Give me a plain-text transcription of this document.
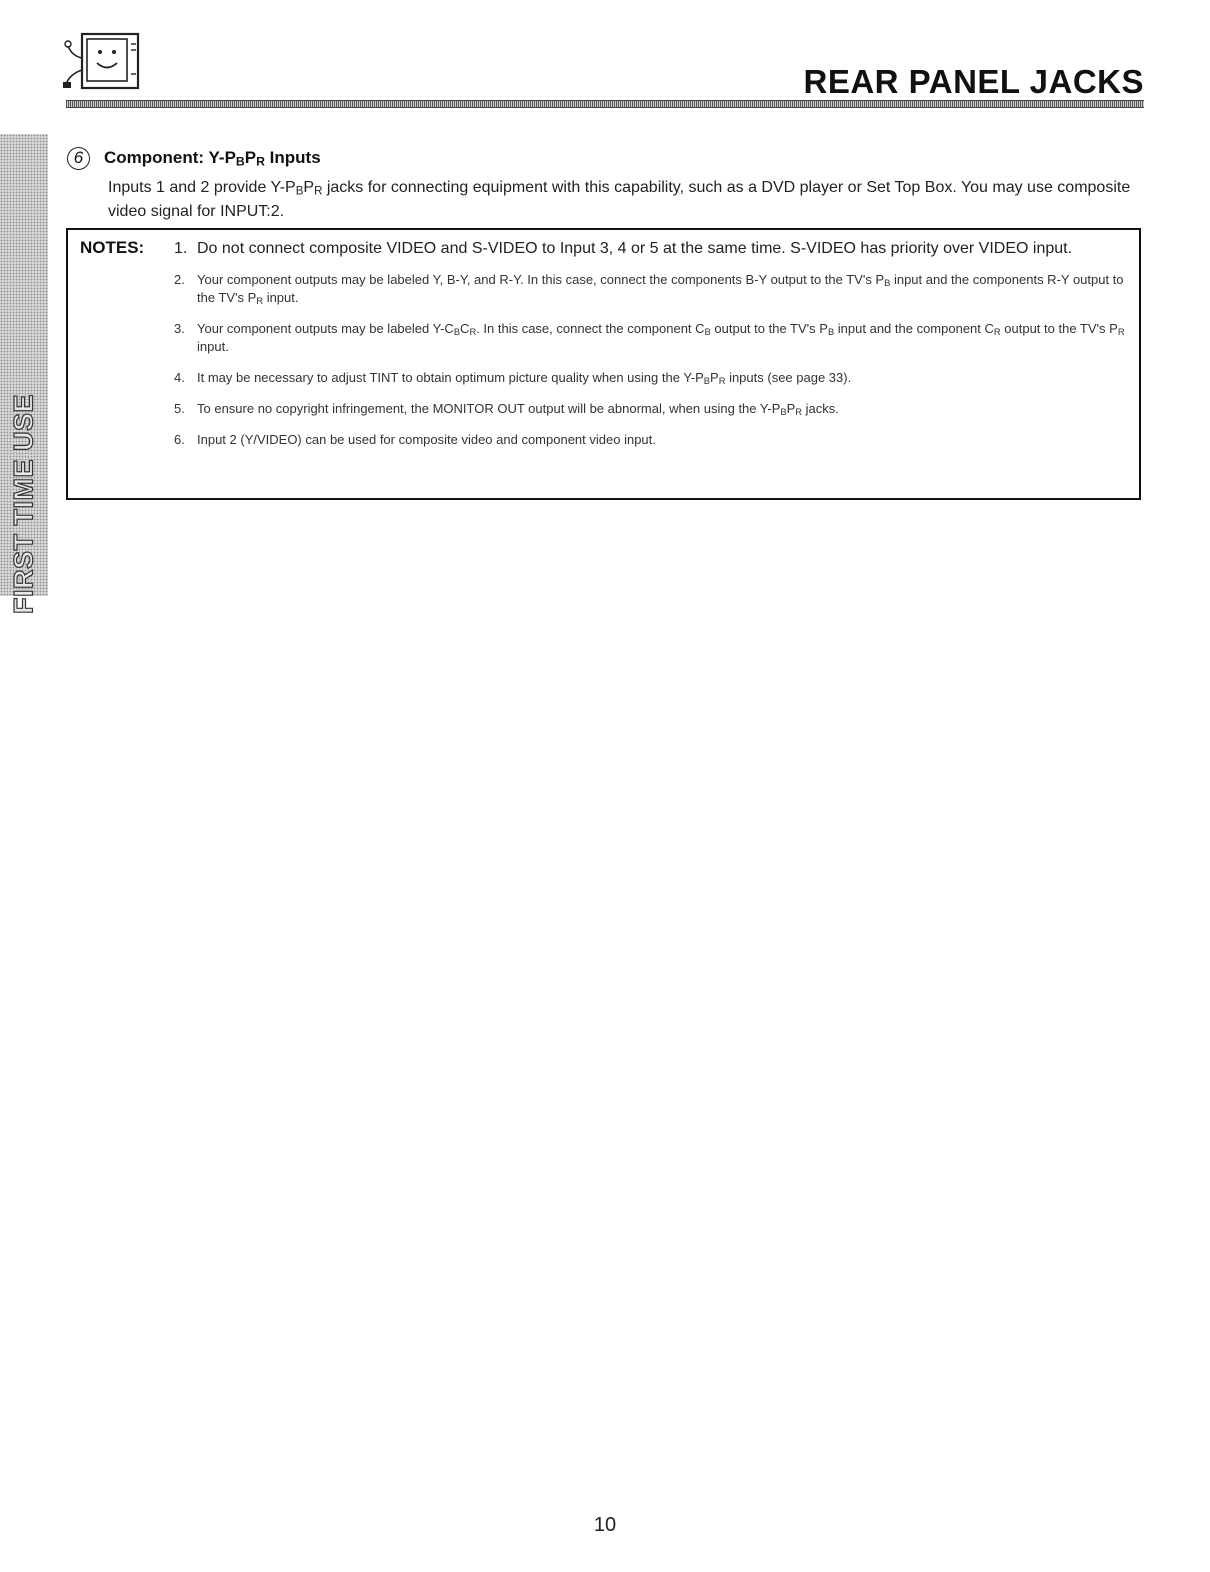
REAR PANEL JACKS
FIRST TIME USE
6	Component: $Y-P_BP_R$ Inputs
Inputs 1 and 2 provide $Y-P_BP_R$ jacks for connecting equipment with this capability, such as a DVD player or Set Top Box. You may use composite video signal for INPUT:2.
NOTES: 1. Do not connect composite VIDEO and S-VIDEO to Input 3, 4 or 5 at the same time. S-VIDEO has priority over VIDEO input.
2. Your component outputs may be labeled Y, B-Y, and R-Y. In this case, connect the components B-Y output to the TV's $P_B$ input and the components R-Y output to the TV's $P_R$ input.
3. Your component outputs may be labeled $Y-C_BC_R$. In this case, connect the component $C_B$ output to the TV's $P_B$ input and the component $C_R$ output to the TV's $P_R$ input.
4. It may be necessary to adjust TINT to obtain optimum picture quality when using the $Y-P_BP_R$ inputs (see page 33).
5. To ensure no copyright infringement, the MONITOR OUT output will be abnormal, when using the $Y-P_BP_R$ jacks.
6. Input 2 (Y/VIDEO) can be used for composite video and component video input.
10
